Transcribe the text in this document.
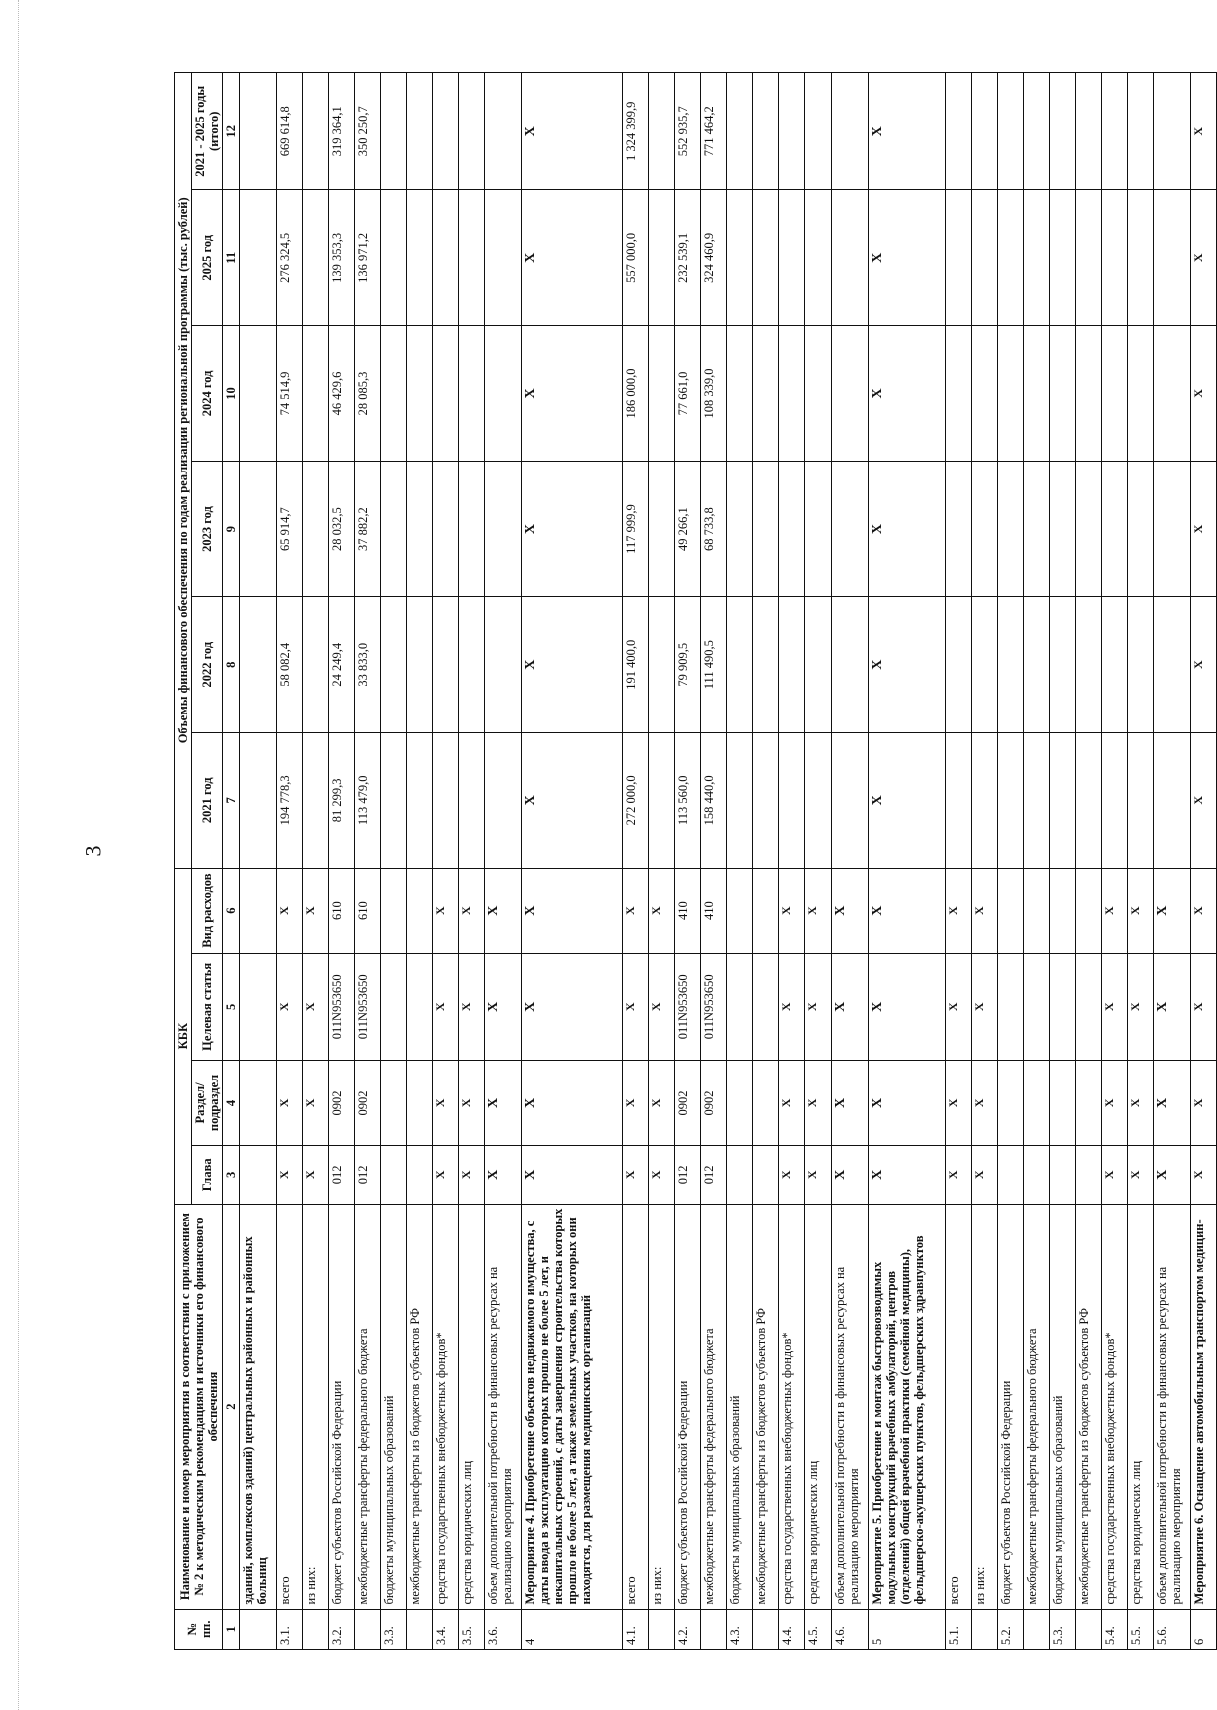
3
№ пп.	Наименование и номер мероприятия в соответствии с приложением № 2 к методическим рекомендациям и источники его финансового обеспечения	КБК				Объемы финансового обеспечения по годам реализации региональной программы (тыс. рублей)					
		Глава	Раздел/ подраздел	Целевая статья	Вид расходов	2021 год	2022 год	2023 год	2024 год	2025 год	2021 - 2025 годы (итого)

1	2	3	4	5	6	7	8	9	10	11	12
	зданий, комплексов зданий) центральных районных и районных больниц										
3.1.	всего	Х	Х	Х	Х	194 778,3	58 082,4	65 914,7	74 514,9	276 324,5	669 614,8
	из них:	Х	Х	Х	Х						
3.2.	бюджет субъектов Российской Федерации	012	0902	011N953650	610	81 299,3	24 249,4	28 032,5	46 429,6	139 353,3	319 364,1
	межбюджетные трансферты федерального бюджета	012	0902	011N953650	610	113 479,0	33 833,0	37 882,2	28 085,3	136 971,2	350 250,7
3.3.	бюджеты муниципальных образований										
	межбюджетные трансферты из бюджетов субъектов РФ										
3.4.	средства государственных внебюджетных фондов*	Х	Х	Х	Х						
3.5.	средства юридических лиц	Х	Х	Х	Х						
3.6.	объем дополнительной потребности в финансовых ресурсах на реализацию мероприятия	Х	Х	Х	Х						
4	Мероприятие 4. Приобретение объектов недвижимого имущества, с даты ввода в эксплуатацию которых прошло не более 5 лет, и некапитальных строений, с даты завершения строительства которых прошло не более 5 лет, а также земельных участков, на которых они находятся, для размещения медицинских организаций	Х	Х	Х	Х	Х	Х	Х	Х	Х	Х
4.1.	всего	Х	Х	Х	Х	272 000,0	191 400,0	117 999,9	186 000,0	557 000,0	1 324 399,9
	из них:	Х	Х	Х	Х						
4.2.	бюджет субъектов Российской Федерации	012	0902	011N953650	410	113 560,0	79 909,5	49 266,1	77 661,0	232 539,1	552 935,7
	межбюджетные трансферты федерального бюджета	012	0902	011N953650	410	158 440,0	111 490,5	68 733,8	108 339,0	324 460,9	771 464,2
4.3.	бюджеты муниципальных образований										
	межбюджетные трансферты из бюджетов субъектов РФ										
4.4.	средства государственных внебюджетных фондов*	Х	Х	Х	Х						
4.5.	средства юридических лиц	Х	Х	Х	Х						
4.6.	объем дополнительной потребности в финансовых ресурсах на реализацию мероприятия	Х	Х	Х	Х						
5	Мероприятие 5. Приобретение и монтаж быстровозводимых модульных конструкций врачебных амбулаторий, центров (отделений) общей врачебной практики (семейной медицины), фельдшерско-акушерских пунктов, фельдшерских здравпунктов	Х	Х	Х	Х	Х	Х	Х	Х	Х	Х
5.1.	всего	Х	Х	Х	Х						
	из них:	Х	Х	Х	Х						
5.2.	бюджет субъектов Российской Федерации										
	межбюджетные трансферты федерального бюджета										
5.3.	бюджеты муниципальных образований										
	межбюджетные трансферты из бюджетов субъектов РФ										
5.4.	средства государственных внебюджетных фондов*	Х	Х	Х	Х						
5.5.	средства юридических лиц	Х	Х	Х	Х						
5.6.	объем дополнительной потребности в финансовых ресурсах на реализацию мероприятия	Х	Х	Х	Х						
6	Мероприятие 6. Оснащение автомобильным транспортом медицин-	Х	Х	Х	Х	Х	Х	Х	Х	Х	Х
